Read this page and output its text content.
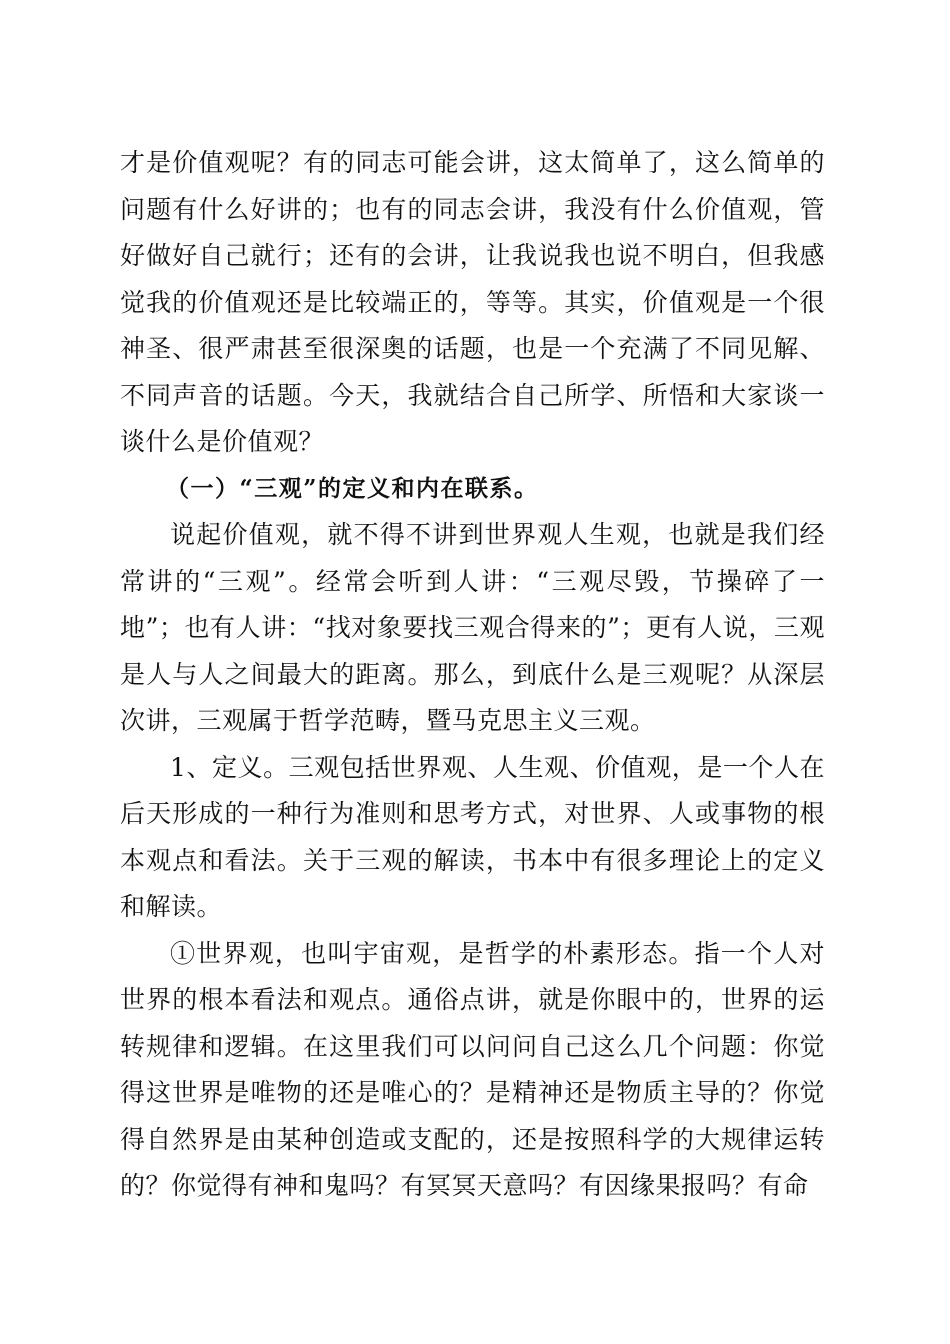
才是价值观呢？有的同志可能会讲，这太简单了，这么简单的问题有什么好讲的；也有的同志会讲，我没有什么价值观，管好做好自己就行；还有的会讲，让我说我也说不明白，但我感觉我的价值观还是比较端正的，等等。其实，价值观是一个很神圣、很严肃甚至很深奥的话题，也是一个充满了不同见解、不同声音的话题。今天，我就结合自己所学、所悟和大家谈一谈什么是价值观？

（一）“三观”的定义和内在联系。

说起价值观，就不得不讲到世界观人生观，也就是我们经常讲的“三观”。经常会听到人讲：“三观尽毁，节操碎了一地”；也有人讲：“找对象要找三观合得来的”；更有人说，三观是人与人之间最大的距离。那么，到底什么是三观呢？从深层次讲，三观属于哲学范畴，暨马克思主义三观。

1、定义。三观包括世界观、人生观、价值观，是一个人在后天形成的一种行为准则和思考方式，对世界、人或事物的根本观点和看法。关于三观的解读，书本中有很多理论上的定义和解读。

①世界观，也叫宇宙观，是哲学的朴素形态。指一个人对世界的根本看法和观点。通俗点讲，就是你眼中的，世界的运转规律和逻辑。在这里我们可以问问自己这么几个问题：你觉得这世界是唯物的还是唯心的？是精神还是物质主导的？你觉得自然界是由某种创造或支配的，还是按照科学的大规律运转的？你觉得有神和鬼吗？有冥冥天意吗？有因缘果报吗？有命
